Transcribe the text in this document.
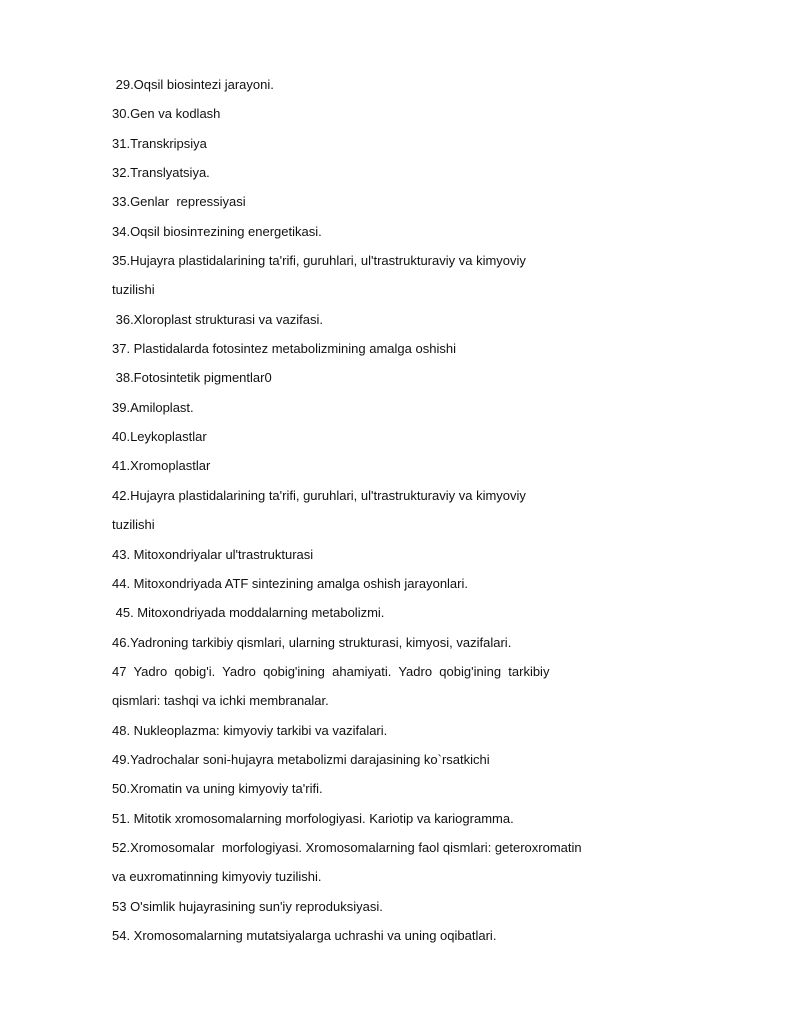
29.Oqsil biosintezi jarayoni.
30.Gen va kodlash
31.Transkripsiya
32.Translyatsiya.
33.Genlar  repressiyasi
34.Oqsil biosinтezining energetikasi.
35.Hujayra plastidalarining ta'rifi, guruhlari, ul'trastrukturaviy va kimyoviy
tuzilishi
36.Xloroplast strukturasi va vazifasi.
37. Plastidalarda fotosintez metabolizmining amalga oshishi
38.Fotosintetik pigmentlar0
39.Amiloplast.
40.Leykoplastlar
41.Xromoplastlar
42.Hujayra plastidalarining ta'rifi, guruhlari, ul'trastrukturaviy va kimyoviy
tuzilishi
43. Mitoxondriyalar ul'trastrukturasi
44. Mitoxondriyada ATF sintezining amalga oshish jarayonlari.
45. Mitoxondriyada moddalarning metabolizmi.
46.Yadroning tarkibiy qismlari, ularning strukturasi, kimyosi, vazifalari.
47  Yadro  qobig'i.  Yadro  qobig'ining  ahamiyati.  Yadro  qobig'ining  tarkibiy
qismlari: tashqi va ichki membranalar.
48. Nukleoplazma: kimyoviy tarkibi va vazifalari.
49.Yadrochalar soni-hujayra metabolizmi darajasining ko`rsatkichi
50.Xromatin va uning kimyoviy ta'rifi.
51. Mitotik xromosomalarning morfologiyasi. Kariotip va kariogramma.
52.Xromosomalar  morfologiyasi. Xromosomalarning faol qismlari: geteroxromatin
va euxromatinning kimyoviy tuzilishi.
53 O'simlik hujayrasining sun'iy reproduksiyasi.
54. Xromosomalarning mutatsiyalarga uchrashi va uning oqibatlari.
